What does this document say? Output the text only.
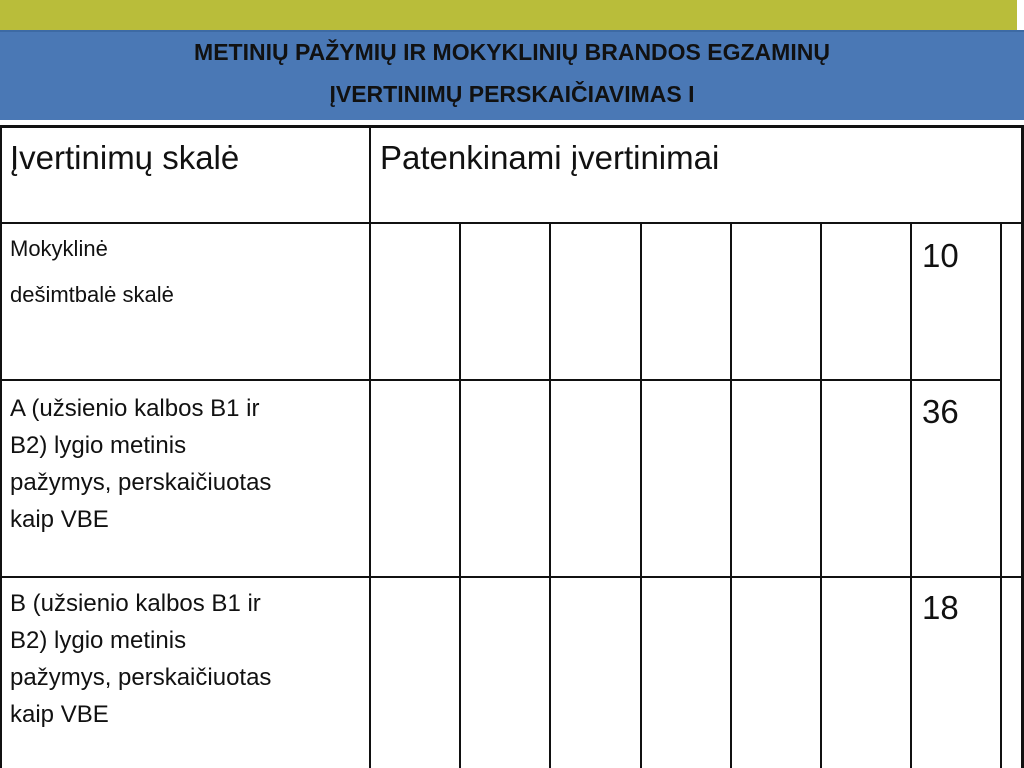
METINIŲ PAŽYMIŲ IR MOKYKLINIŲ BRANDOS EGZAMINŲ
ĮVERTINIMŲ PERSKAIČIAVIMAS I
Įvertinimų skalė	Patenkinami įvertinimai
Mokyklinė
dešimtbalė skalė
10
A (užsienio kalbos B1 ir
B2) lygio metinis
pažymys, perskaičiuotas
kaip VBE
36
B (užsienio kalbos B1 ir
B2) lygio metinis
pažymys, perskaičiuotas
kaip VBE
18
